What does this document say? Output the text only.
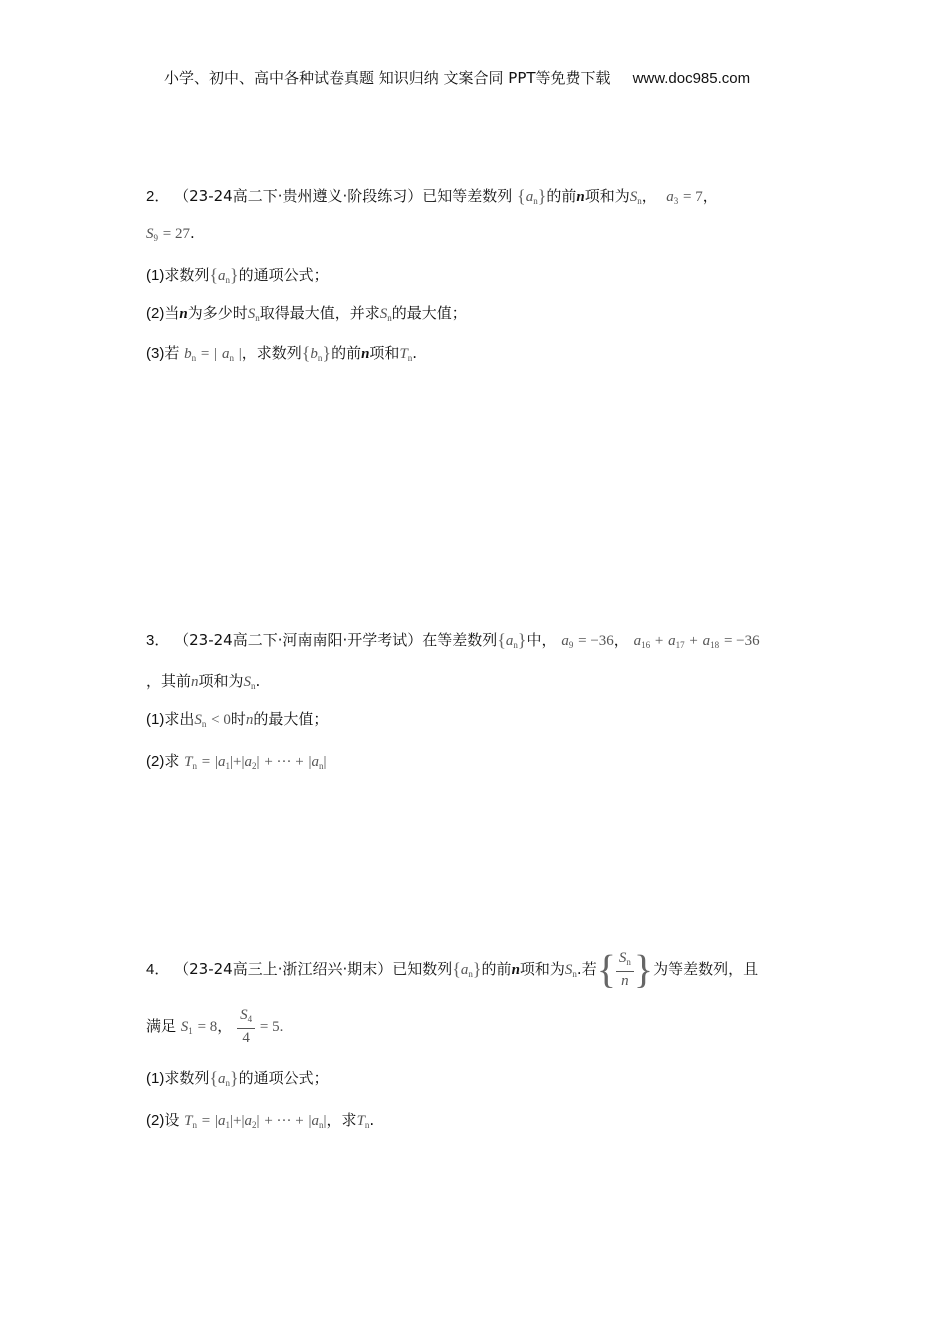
小学、初中、高中各种试卷真题 知识归纳 文案合同 PPT等免费下载 www.doc985.com
2． （23-24高二下·贵州遵义·阶段练习）已知等差数列 $\{a_n\}$的前n项和为$S_n$， $a_3 = 7$，
$S_9 = 27$.
(1)求数列$\{a_n\}$的通项公式；
(2)当n为多少时$S_n$取得最大值，并求$S_n$的最大值；
(3)若 $b_n$ = | $a_n$ |，求数列$\{b_n\}$的前n项和$T_n$.
3． （23-24高二下·河南南阳·开学考试）在等差数列$\{a_n\}$中， $a_9 = -36$， $a_{16} + a_{17} + a_{18} = -36$
，其前n项和为$S_n$.
(1)求出$S_n < 0$时n的最大值；
(2)求 $T_n = |a_1|+|a_2|$ + ··· + $|a_n|$
4． （23-24高三上·浙江绍兴·期末）已知数列$\{a_n\}$的前n项和为$S_n$.若{ $\frac{S_n}{n}$ }为等差数列，且
满足 $S_1 = 8$， $\frac{S_4}{4} = 5$.
(1)求数列$\{a_n\}$的通项公式；
(2)设 $T_n = |a_1|+|a_2|$ + ··· + $|a_n|$，求$T_n$.
